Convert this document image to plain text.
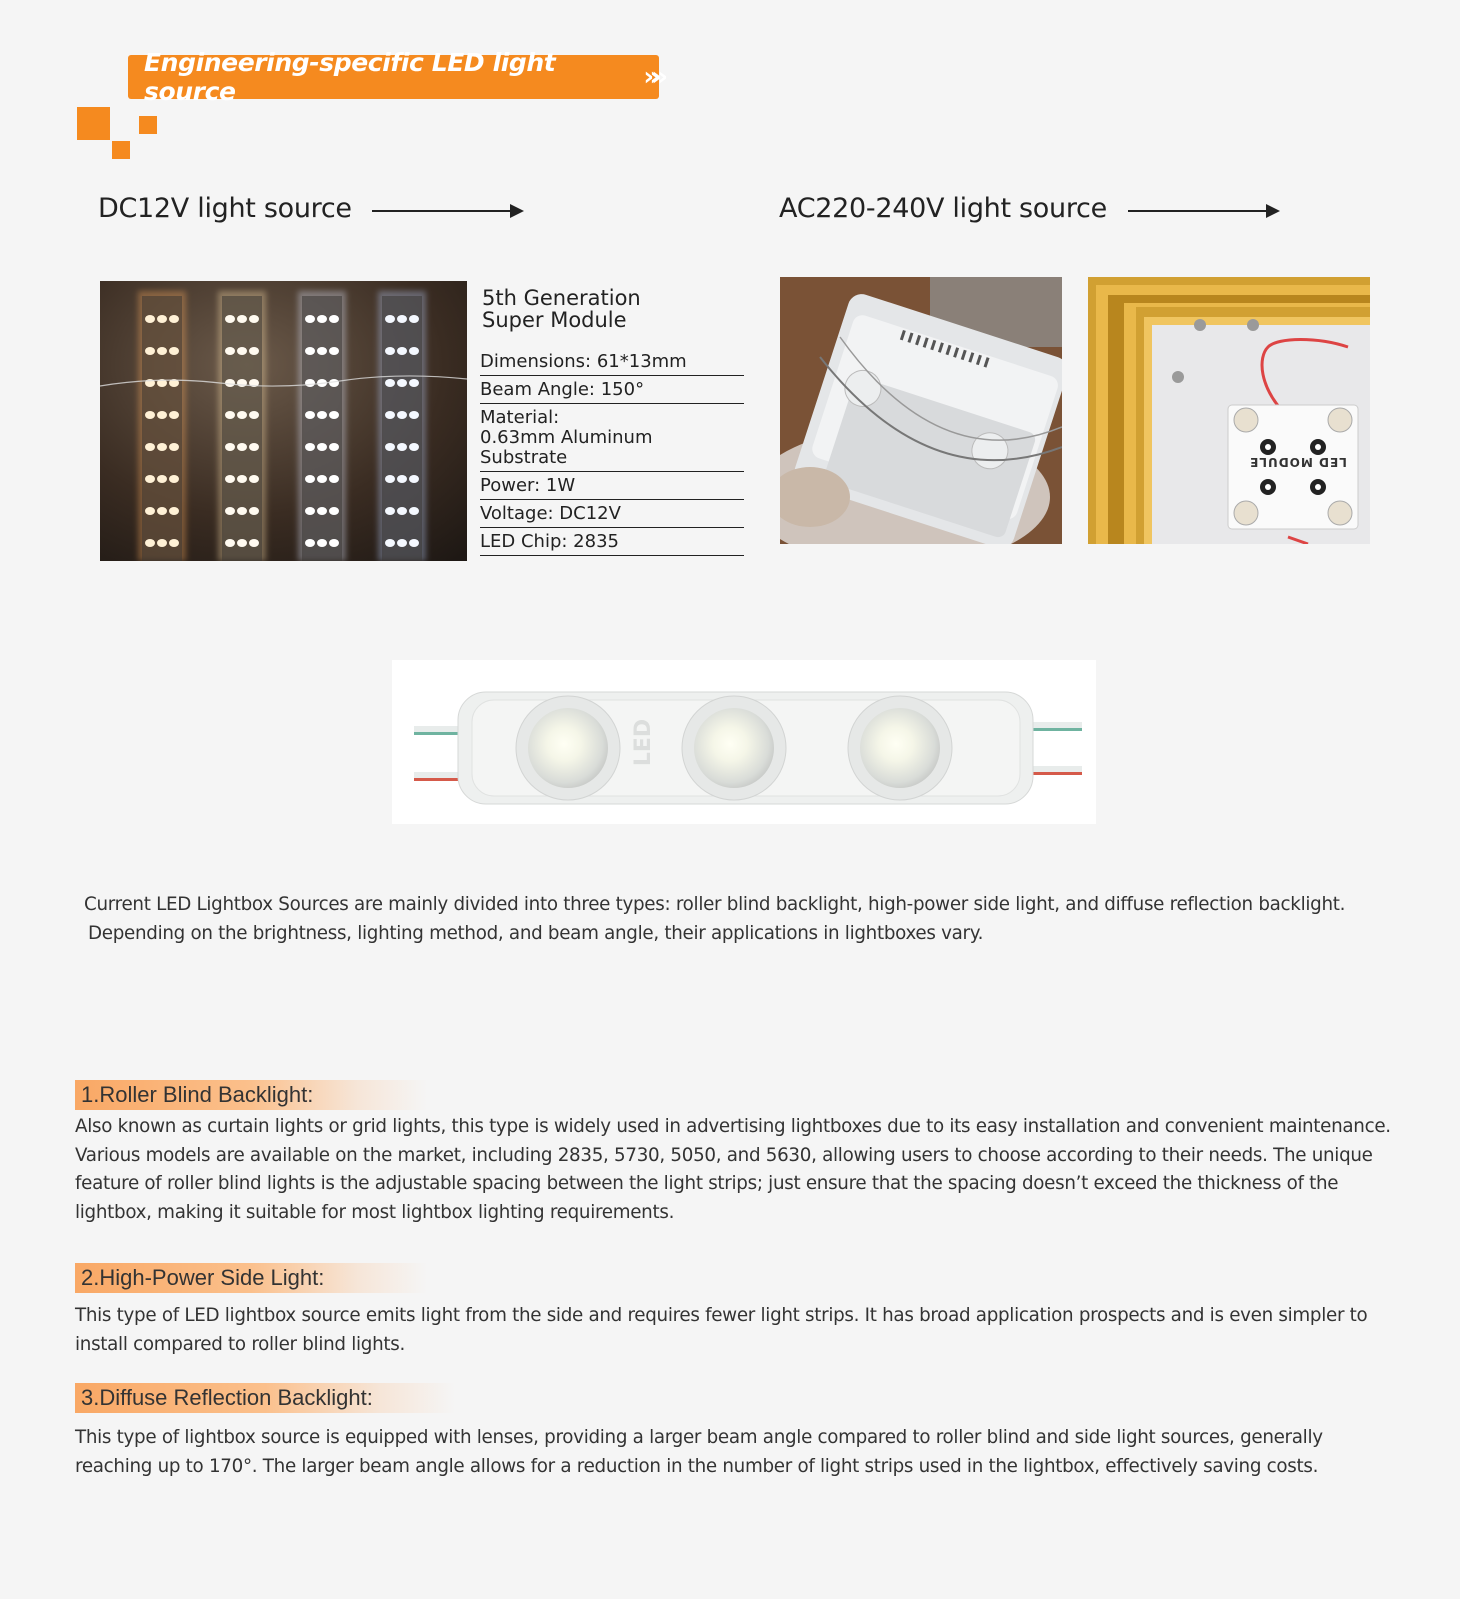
Engineering-specific LED light source	»»
DC12V light source	AC220-240V light source
5th Generation
Super Module
Dimensions: 61*13mm
Beam Angle: 150°
Material:
0.63mm Aluminum Substrate
Power: 1W
Voltage: DC12V
LED Chip: 2835
LED MODULE
LED
Current LED Lightbox Sources are mainly divided into three types: roller blind backlight, high-power side light, and diffuse reflection backlight.
Depending on the brightness, lighting method, and beam angle, their applications in lightboxes vary.
1.Roller Blind Backlight:
Also known as curtain lights or grid lights, this type is widely used in advertising lightboxes due to its easy installation and convenient maintenance.
Various models are available on the market, including 2835, 5730, 5050, and 5630, allowing users to choose according to their needs. The unique
feature of roller blind lights is the adjustable spacing between the light strips; just ensure that the spacing doesn’t exceed the thickness of the
lightbox, making it suitable for most lightbox lighting requirements.
2.High-Power Side Light:
This type of LED lightbox source emits light from the side and requires fewer light strips. It has broad application prospects and is even simpler to
install compared to roller blind lights.
3.Diffuse Reflection Backlight:
This type of lightbox source is equipped with lenses, providing a larger beam angle compared to roller blind and side light sources, generally
reaching up to 170°. The larger beam angle allows for a reduction in the number of light strips used in the lightbox, effectively saving costs.
